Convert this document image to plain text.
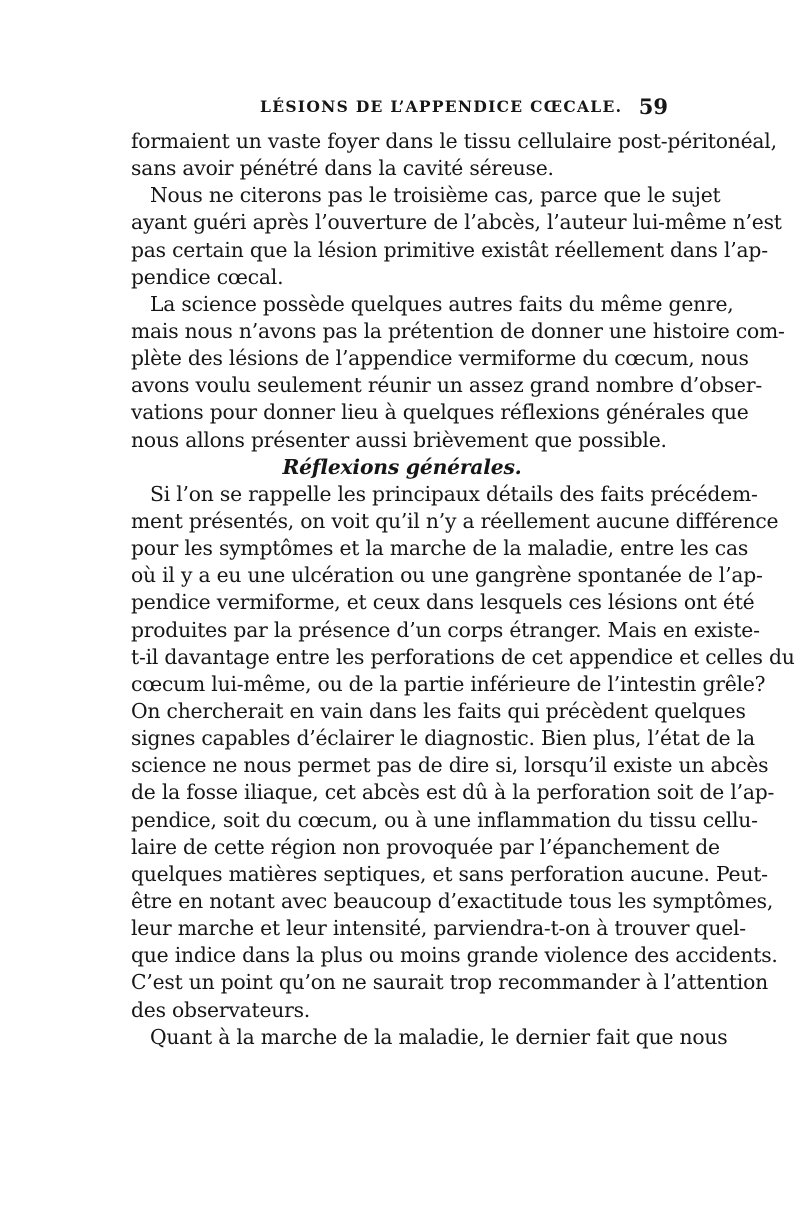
LÉSIONS DE L’APPENDICE CŒCALE. 59
formaient un vaste foyer dans le tissu cellulaire post-péritonéal,
sans avoir pénétré dans la cavité séreuse.
Nous ne citerons pas le troisième cas, parce que le sujet
ayant guéri après l’ouverture de l’abcès, l’auteur lui-même n’est
pas certain que la lésion primitive existât réellement dans l’ap-
pendice cœcal.
La science possède quelques autres faits du même genre,
mais nous n’avons pas la prétention de donner une histoire com-
plète des lésions de l’appendice vermiforme du cœcum, nous
avons voulu seulement réunir un assez grand nombre d’obser-
vations pour donner lieu à quelques réflexions générales que
nous allons présenter aussi brièvement que possible.
Réflexions générales.
Si l’on se rappelle les principaux détails des faits précédem-
ment présentés, on voit qu’il n’y a réellement aucune différence
pour les symptômes et la marche de la maladie, entre les cas
où il y a eu une ulcération ou une gangrène spontanée de l’ap-
pendice vermiforme, et ceux dans lesquels ces lésions ont été
produites par la présence d’un corps étranger. Mais en existe-
t-il davantage entre les perforations de cet appendice et celles du
cœcum lui-même, ou de la partie inférieure de l’intestin grêle?
On chercherait en vain dans les faits qui précèdent quelques
signes capables d’éclairer le diagnostic. Bien plus, l’état de la
science ne nous permet pas de dire si, lorsqu’il existe un abcès
de la fosse iliaque, cet abcès est dû à la perforation soit de l’ap-
pendice, soit du cœcum, ou à une inflammation du tissu cellu-
laire de cette région non provoquée par l’épanchement de
quelques matières septiques, et sans perforation aucune. Peut-
être en notant avec beaucoup d’exactitude tous les symptômes,
leur marche et leur intensité, parviendra-t-on à trouver quel-
que indice dans la plus ou moins grande violence des accidents.
C’est un point qu’on ne saurait trop recommander à l’attention
des observateurs.
Quant à la marche de la maladie, le dernier fait que nous
